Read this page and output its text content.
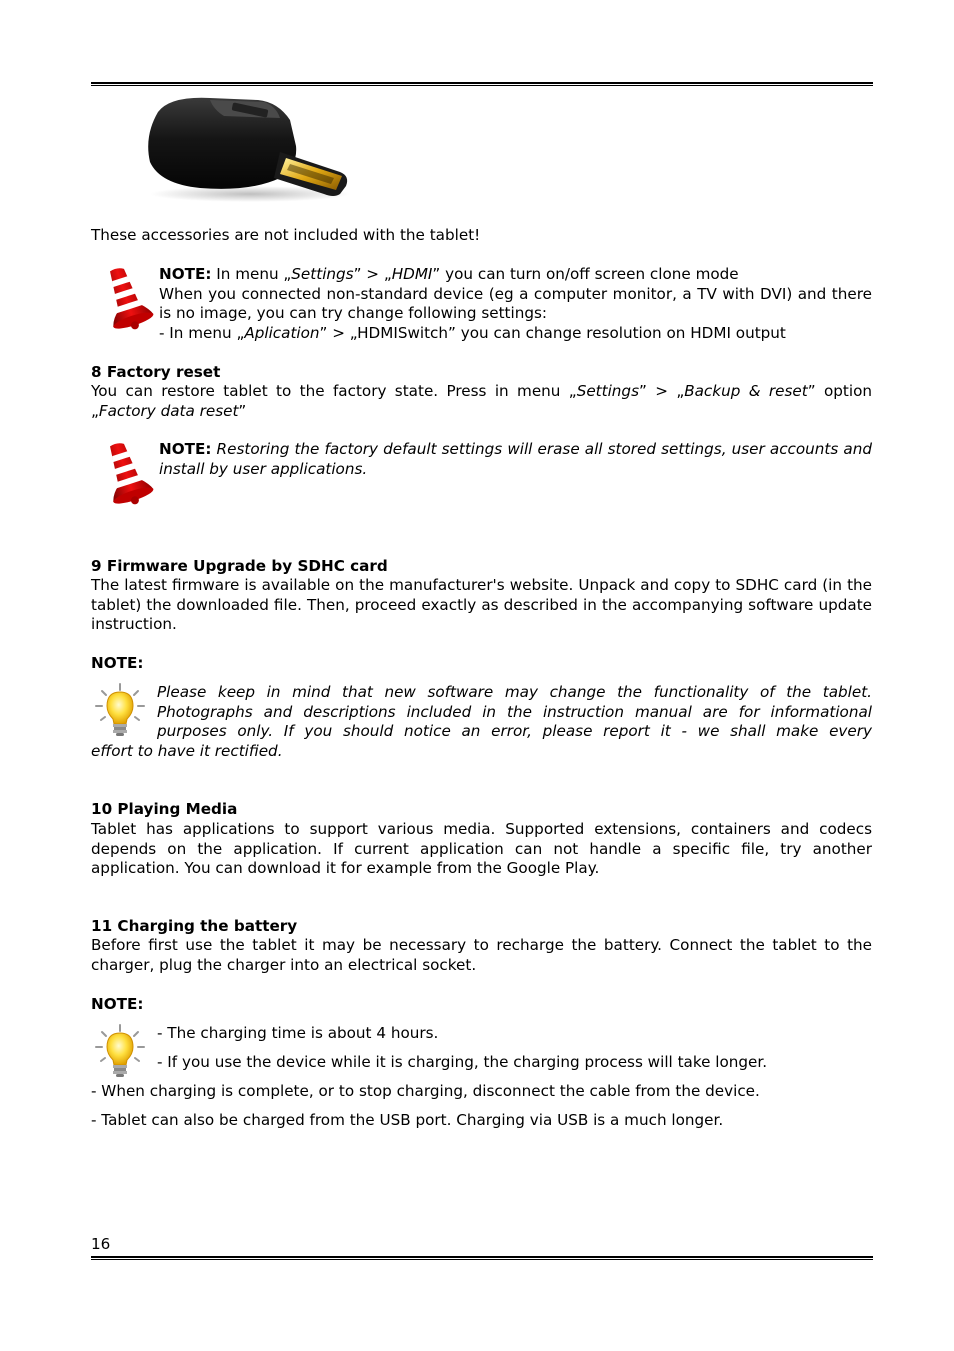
These accessories are not included with the tablet!
NOTE: In menu „Settings” > „HDMI” you can turn on/off screen clone mode
When you connected non-standard device (eg a computer monitor, a TV with DVI) and there is no image, you can try change following settings:
- In menu „Aplication” > „HDMISwitch” you can change resolution on HDMI output
8 Factory reset
You can restore tablet to the factory state. Press in menu „Settings” > „Backup & reset” option „Factory data reset”
NOTE: Restoring the factory default settings will erase all stored settings, user accounts and install by user applications.
9 Firmware Upgrade by SDHC card
The latest firmware is available on the manufacturer's website. Unpack and copy to SDHC card (in the tablet) the downloaded file. Then, proceed exactly as described in the accompanying software update instruction.
NOTE:
Please keep in mind that new software may change the functionality of the tablet.
Photographs and descriptions included in the instruction manual are for informational
purposes only. If you should notice an error, please report it - we shall make every
effort to have it rectified.
10 Playing Media
Tablet has applications to support various media. Supported extensions, containers and codecs depends on the application. If current application can not handle a specific file, try another application. You can download it for example from the Google Play.
11 Charging the battery
Before first use the tablet it may be necessary to recharge the battery. Connect the tablet to the charger, plug the charger into an electrical socket.
NOTE:
- The charging time is about 4 hours.
- If you use the device while it is charging, the charging process will take longer.
- When charging is complete, or to stop charging, disconnect the cable from the device.
- Tablet can also be charged from the USB port. Charging via USB is a much longer.
16
